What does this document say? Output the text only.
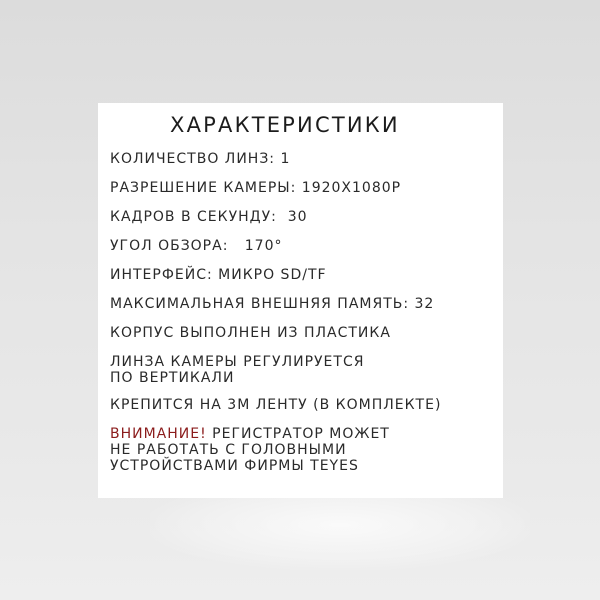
ХАРАКТЕРИСТИКИ
КОЛИЧЕСТВО ЛИНЗ: 1
РАЗРЕШЕНИЕ КАМЕРЫ: 1920X1080P
КАДРОВ В СЕКУНДУ:  30
УГОЛ ОБЗОРА:   170°
ИНТЕРФЕЙС: МИКРО SD/TF
МАКСИМАЛЬНАЯ ВНЕШНЯЯ ПАМЯТЬ: 32
КОРПУС ВЫПОЛНЕН ИЗ ПЛАСТИКА
ЛИНЗА КАМЕРЫ РЕГУЛИРУЕТСЯ
ПО ВЕРТИКАЛИ
КРЕПИТСЯ НА 3М ЛЕНТУ (В КОМПЛЕКТЕ)
ВНИМАНИЕ! РЕГИСТРАТОР МОЖЕТ
НЕ РАБОТАТЬ С ГОЛОВНЫМИ
УСТРОЙСТВАМИ ФИРМЫ TEYES
